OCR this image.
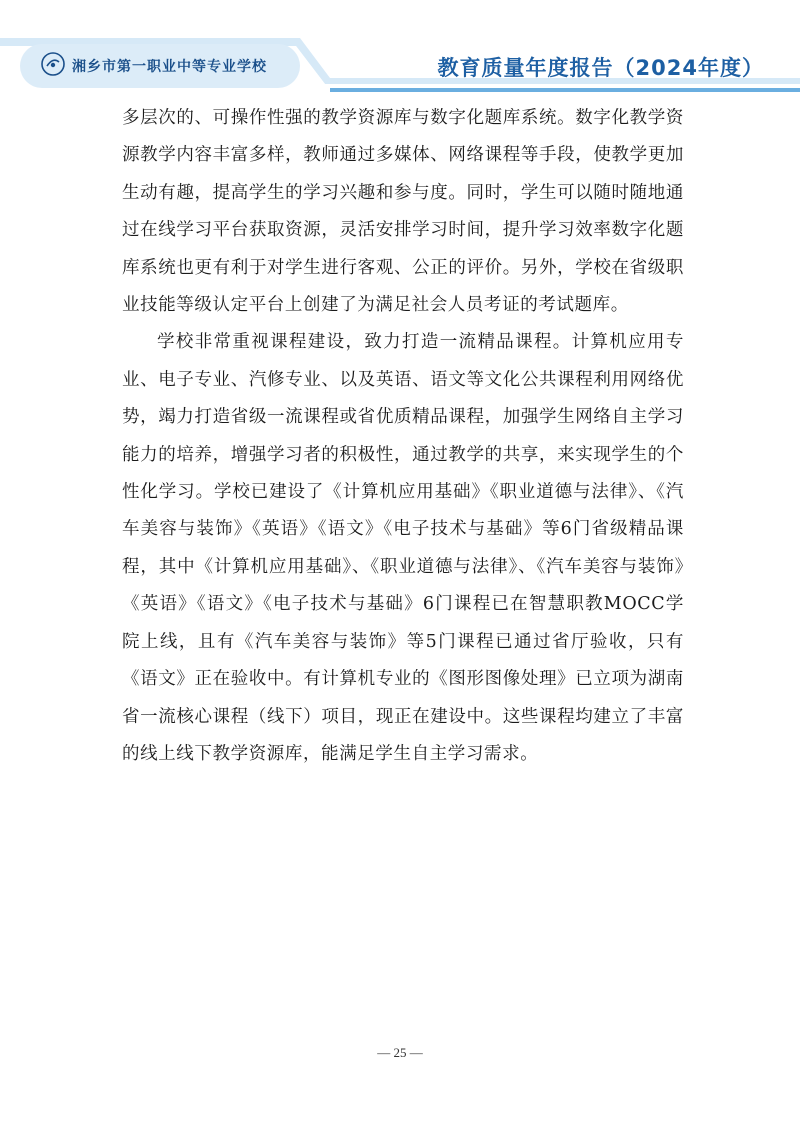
湘乡市第一职业中等专业学校	教育质量年度报告（2024年度）

多层次的、可操作性强的教学资源库与数字化题库系统。数字化教学资源教学内容丰富多样，教师通过多媒体、网络课程等手段，使教学更加生动有趣，提高学生的学习兴趣和参与度。同时，学生可以随时随地通过在线学习平台获取资源，灵活安排学习时间，提升学习效率数字化题库系统也更有利于对学生进行客观、公正的评价。另外，学校在省级职业技能等级认定平台上创建了为满足社会人员考证的考试题库。

学校非常重视课程建设，致力打造一流精品课程。计算机应用专业、电子专业、汽修专业、以及英语、语文等文化公共课程利用网络优势，竭力打造省级一流课程或省优质精品课程，加强学生网络自主学习能力的培养，增强学习者的积极性，通过教学的共享，来实现学生的个性化学习。学校已建设了《计算机应用基础》《职业道德与法律》、《汽车美容与装饰》《英语》《语文》《电子技术与基础》等6门省级精品课程，其中《计算机应用基础》、《职业道德与法律》、《汽车美容与装饰》《英语》《语文》《电子技术与基础》6门课程已在智慧职教MOCC学院上线，且有《汽车美容与装饰》等5门课程已通过省厅验收，只有《语文》正在验收中。有计算机专业的《图形图像处理》已立项为湖南省一流核心课程（线下）项目，现正在建设中。这些课程均建立了丰富的线上线下教学资源库，能满足学生自主学习需求。

— 25 —
